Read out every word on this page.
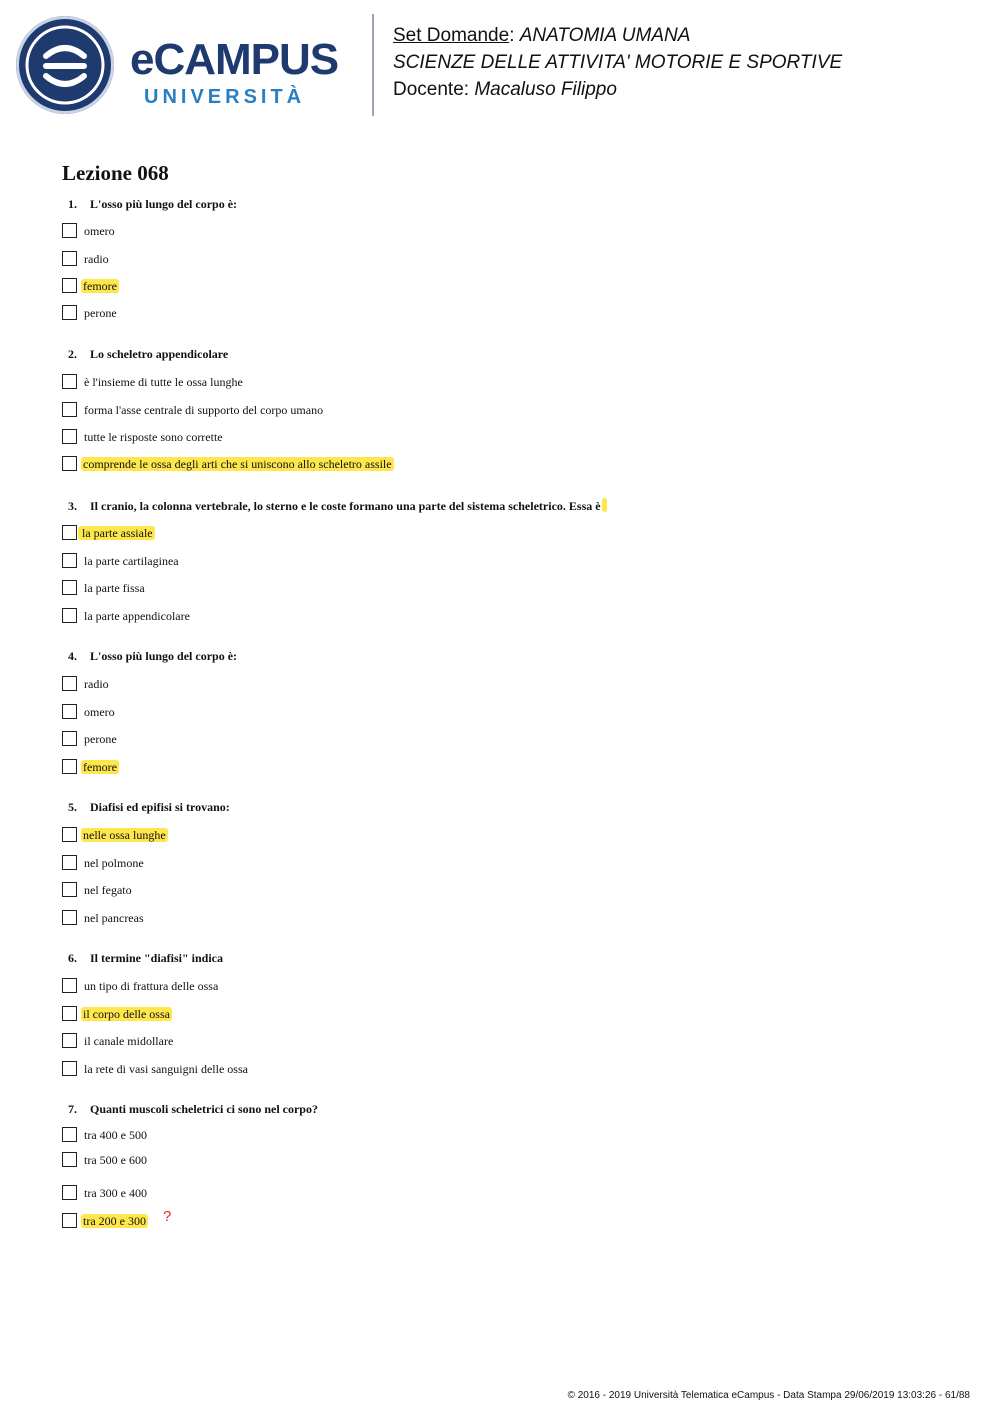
eCAMPUS
UNIVERSITÀ
Set Domande: ANATOMIA UMANA
SCIENZE DELLE ATTIVITA' MOTORIE E SPORTIVE
Docente: Macaluso Filippo
Lezione 068
1. L'osso più lungo del corpo è:
omero
radio
femore
perone
2. Lo scheletro appendicolare
è l'insieme di tutte le ossa lunghe
forma l'asse centrale di supporto del corpo umano
tutte le risposte sono corrette
comprende le ossa degli arti che si uniscono allo scheletro assile
3. Il cranio, la colonna vertebrale, lo sterno e le coste formano una parte del sistema scheletrico. Essa è
la parte assiale
la parte cartilaginea
la parte fissa
la parte appendicolare
4. L'osso più lungo del corpo è:
radio
omero
perone
femore
5. Diafisi ed epifisi si trovano:
nelle ossa lunghe
nel polmone
nel fegato
nel pancreas
6. Il termine "diafisi" indica
un tipo di frattura delle ossa
il corpo delle ossa
il canale midollare
la rete di vasi sanguigni delle ossa
7. Quanti muscoli scheletrici ci sono nel corpo?
tra 400 e 500
tra 500 e 600
tra 300 e 400
tra 200 e 300 ?
© 2016 - 2019 Università Telematica eCampus - Data Stampa 29/06/2019 13:03:26 - 61/88
